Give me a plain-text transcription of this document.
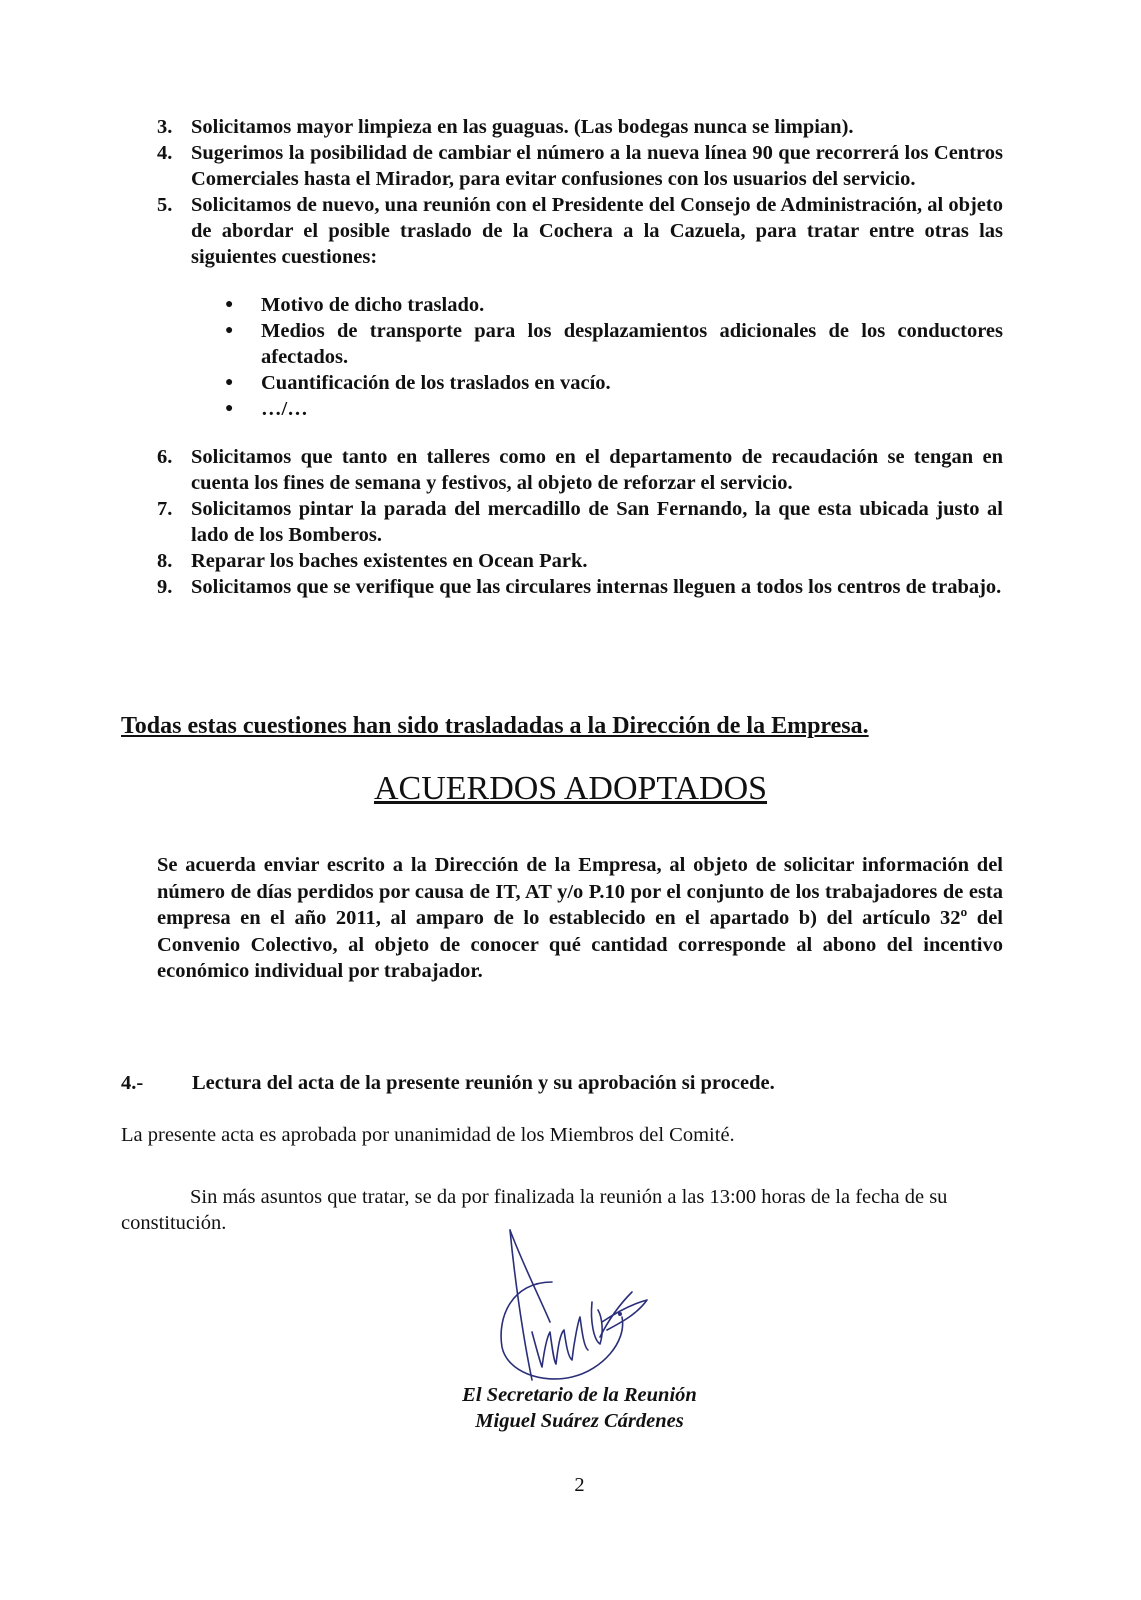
3. Solicitamos mayor limpieza en las guaguas. (Las bodegas nunca se limpian).
4. Sugerimos la posibilidad de cambiar el número a la nueva línea 90 que recorrerá los Centros Comerciales hasta el Mirador, para evitar confusiones con los usuarios del servicio.
5. Solicitamos de nuevo, una reunión con el Presidente del Consejo de Administración, al objeto de abordar el posible traslado de la Cochera a la Cazuela, para tratar entre otras las siguientes cuestiones:
●	Motivo de dicho traslado.
●	Medios de transporte para los desplazamientos adicionales de los conductores afectados.
●	Cuantificación de los traslados en vacío.
●	…/…
6. Solicitamos que tanto en talleres como en el departamento de recaudación se tengan en cuenta los fines de semana y festivos, al objeto de reforzar el servicio.
7. Solicitamos pintar la parada del mercadillo de San Fernando, la que esta ubicada justo al lado de los Bomberos.
8. Reparar los baches existentes en Ocean Park.
9. Solicitamos que se verifique que las circulares internas lleguen a todos los centros de trabajo.
Todas estas cuestiones han sido trasladadas a la Dirección de la Empresa.
ACUERDOS ADOPTADOS
Se acuerda enviar escrito a la Dirección de la Empresa, al objeto de solicitar información del número de días perdidos por causa de IT, AT y/o P.10 por el conjunto de los trabajadores de esta empresa en el año 2011, al amparo de lo establecido en el apartado b) del artículo 32º del Convenio Colectivo, al objeto de conocer qué cantidad corresponde al abono del incentivo económico individual por trabajador.
4.- Lectura del acta de la presente reunión y su aprobación si procede.
La presente acta es aprobada por unanimidad de los Miembros del Comité.
Sin más asuntos que tratar, se da por finalizada la reunión a las 13:00 horas de la fecha de su constitución.
El Secretario de la Reunión
Miguel Suárez Cárdenes
2
